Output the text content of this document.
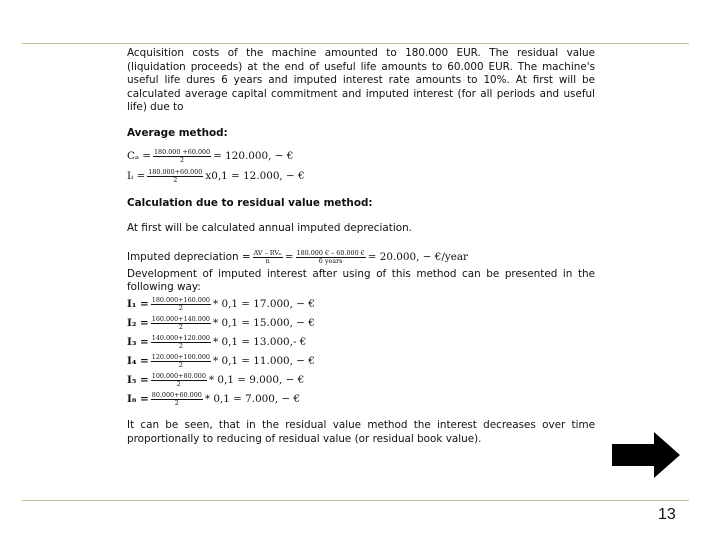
Acquisition costs of the machine amounted to 180.000 EUR. The residual value (liquidation proceeds) at the end of useful life amounts to 60.000 EUR. The machine's useful life dures 6 years and imputed interest rate amounts to 10%. At first will be calculated average capital commitment and imputed interest (for all periods and useful life) due to

Average method:

$C_a = \frac{180.000 +60.000}{2} = 120.000$, − €
Iᵢ = $\frac{180.000+60.000}{2} x0,1 = 12.000$, − €

Calculation due to residual value method:

At first will be calculated annual imputed depreciation.

Imputed depreciation = $\frac{\text{AV – RVₙ}}{n} = \frac{180.000 € - 60.000 €}{\text{6 years}} = 20.000$, − €/year

Development of imputed interest after using of this method can be presented in the following way:

$I_1 = \frac{180.000+160.000}{2} * 0,1 = 17.000$, − €
$I_2 = \frac{160.000+140.000}{2} * 0,1 = 15.000$, − €
$I_3 = \frac{140.000+120.000}{2} * 0,1 = 13.000,-$ €
$I_4 = \frac{120.000+100.000}{2} * 0,1 = 11.000$, − €
$I_5 = \frac{100.000+80.000}{2} * 0,1 = 9.000$, − €
$I_6 = \frac{80.000+60.000}{2} * 0,1 = 7.000$, − €

It can be seen, that in the residual value method the interest decreases over time proportionally to reducing of residual value (or residual book value).

13
